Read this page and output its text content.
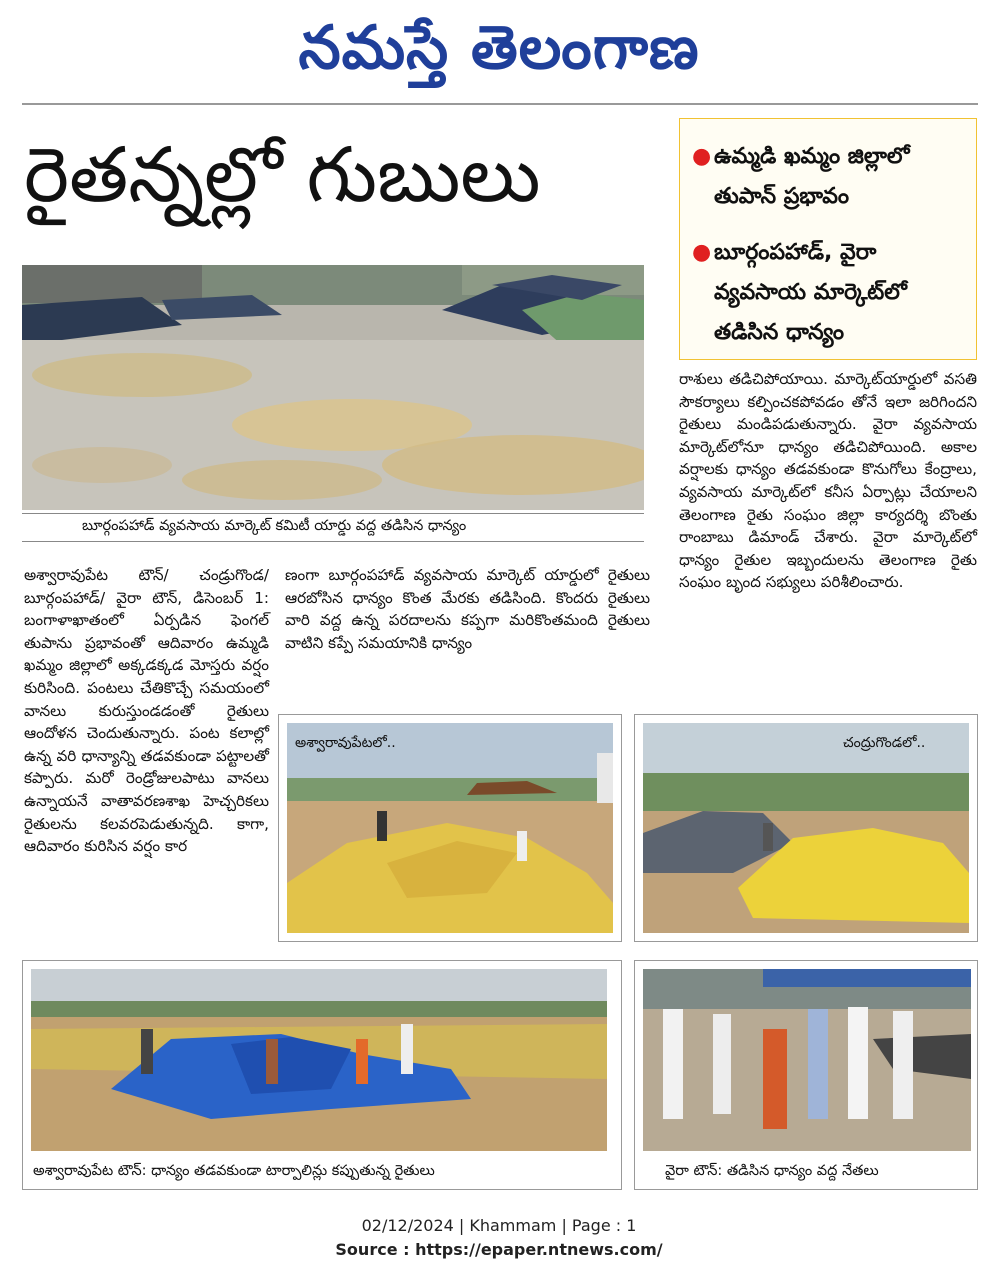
నమస్తే తెలంగాణ
రైతన్నల్లో గుబులు	● ఉమ్మడి ఖమ్మం జిల్లాలో తుపాన్ ప్రభావం
● బూర్గంపహాడ్, వైరా వ్యవసాయ మార్కెట్‌లో తడిసిన ధాన్యం
బూర్గంపహాడ్ వ్యవసాయ మార్కెట్ కమిటీ యార్డు వద్ద తడిసిన ధాన్యం

అశ్వారావుపేట టౌన్/ చండ్రుగొండ/ బూర్గంపహాడ్/ వైరా టౌన్, డిసెంబర్ 1: బంగాళాఖాతంలో ఏర్పడిన ఫెంగల్ తుపాను ప్రభావంతో ఆదివారం ఉమ్మడి ఖమ్మం జిల్లాలో అక్కడక్కడ మోస్తరు వర్షం కురిసింది. పంటలు చేతికొచ్చే సమయంలో వానలు కురుస్తుండడంతో రైతులు ఆందోళన చెందుతున్నారు. పంట కలాల్లో ఉన్న వరి ధాన్యాన్ని తడవకుండా పట్టాలతో కప్పారు. మరో రెండ్రోజులపాటు వానలు ఉన్నాయనే వాతావరణశాఖ హెచ్చరికలు రైతులను కలవరపెడుతున్నది. కాగా, ఆదివారం కురిసిన వర్షం కార

ణంగా బూర్గంపహాడ్ వ్యవసాయ మార్కెట్ యార్డులో రైతులు ఆరబోసిన ధాన్యం కొంత మేరకు తడిసింది. కొందరు రైతులు వారి వద్ద ఉన్న పరదాలను కప్పగా మరికొంతమంది రైతులు వాటిని కప్పే సమయానికి ధాన్యం

రాశులు తడిచిపోయాయి. మార్కెట్‌యార్డులో వసతి సౌకర్యాలు కల్పించకపోవడం తోనే ఇలా జరిగిందని రైతులు మండిపడుతున్నారు. వైరా వ్యవసాయ మార్కెట్‌లోనూ ధాన్యం తడిచిపోయింది. అకాల వర్షాలకు ధాన్యం తడవకుండా కొనుగోలు కేంద్రాలు, వ్యవసాయ మార్కెట్‌లో కనీస ఏర్పాట్లు చేయాలని తెలంగాణ రైతు సంఘం జిల్లా కార్యదర్శి బొంతు రాంబాబు డిమాండ్ చేశారు. వైరా మార్కెట్‌లో ధాన్యం రైతుల ఇబ్బందులను తెలంగాణ రైతు సంఘం బృంద సభ్యులు పరిశీలించారు.

అశ్వారావుపేటలో..	చంద్రుగొండలో..
అశ్వారావుపేట టౌన్: ధాన్యం తడవకుండా టార్పాలిన్లు కప్పుతున్న రైతులు	వైరా టౌన్: తడిసిన ధాన్యం వద్ద నేతలు
02/12/2024 | Khammam | Page : 1
Source : https://epaper.ntnews.com/
